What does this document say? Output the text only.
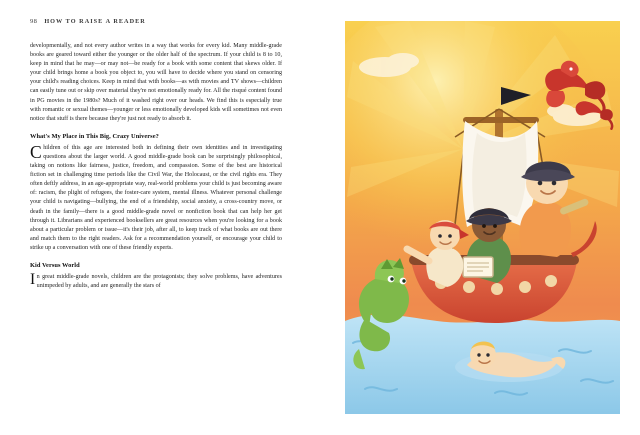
98 HOW TO RAISE A READER

developmentally, and not every author writes in a way that works for every kid. Many middle-grade books are geared toward either the younger or the older half of the spectrum. If your child is 8 to 10, keep in mind that he may—or may not—be ready for a book with some content that skews older. If your child brings home a book you object to, you will have to decide where you stand on censoring your child's reading choices. Keep in mind that with books—as with movies and TV shows—children can easily tune out or skip over material they're not emotionally ready for. All the risqué content found in PG movies in the 1980s? Much of it washed right over our heads. We find this is especially true with romantic or sexual themes—younger or less emotionally developed kids will sometimes not even notice that stuff is there because they're just not ready to absorb it.

What's My Place in This Big, Crazy Universe?

Children of this age are interested both in defining their own identities and in investigating questions about the larger world. A good middle-grade book can be surprisingly philosophical, taking on notions like fairness, justice, freedom, and compassion. Some of the best are historical fiction set in challenging time periods like the Civil War, the Holocaust, or the civil rights era. They often deftly address, in an age-appropriate way, real-world problems your child is just becoming aware of: racism, the plight of refugees, the foster-care system, mental illness. Whatever personal challenge your child is navigating—bullying, the end of a friendship, social anxiety, a cross-country move, or death in the family—there is a good middle-grade novel or nonfiction book that can help her get through it. Librarians and experienced booksellers are great resources when you're looking for a book about a particular problem or issue—it's their job, after all, to keep track of what books are out there and match them to the right readers. Ask for a recommendation yourself, or encourage your child to strike up a conversation with one of these friendly experts.

Kid Versus World

In great middle-grade novels, children are the protagonists; they solve problems, have adventures unimpeded by adults, and are generally the stars of
